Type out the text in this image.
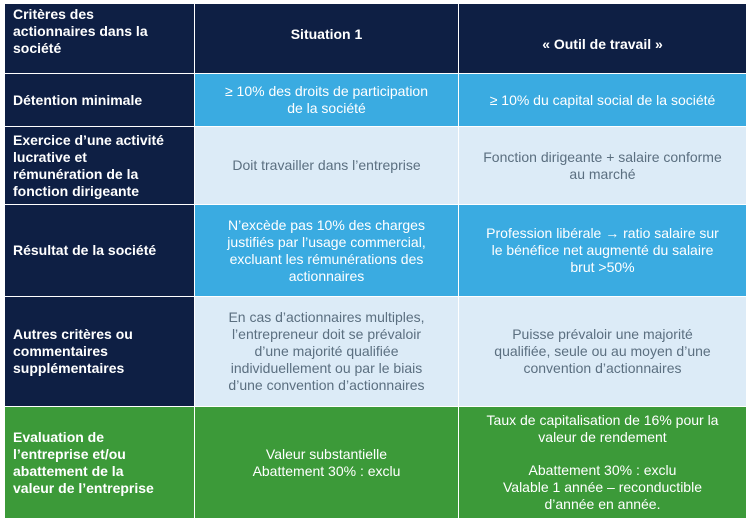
Critères des
actionnaires dans la
société
Situation 1
« Outil de travail »
Détention minimale
≥ 10% des droits de participation
de la société
≥ 10% du capital social de la société
Exercice d’une activité
lucrative et
rémunération de la
fonction dirigeante
Doit travailler dans l’entreprise
Fonction dirigeante + salaire conforme
au marché
Résultat de la société
N’excède pas 10% des charges
justifiés par l’usage commercial,
excluant les rémunérations des
actionnaires
Profession libérale → ratio salaire sur
le bénéfice net augmenté du salaire
brut >50%
Autres critères ou
commentaires
supplémentaires
En cas d’actionnaires multiples,
l’entrepreneur doit se prévaloir
d’une majorité qualifiée
individuellement ou par le biais
d’une convention d’actionnaires
Puisse prévaloir une majorité
qualifiée, seule ou au moyen d’une
convention d’actionnaires
Evaluation de
l’entreprise et/ou
abattement de la
valeur de l’entreprise
Valeur substantielle
Abattement 30% : exclu
Taux de capitalisation de 16% pour la
valeur de rendement
Abattement 30% : exclu
Valable 1 année – reconductible
d’année en année.
